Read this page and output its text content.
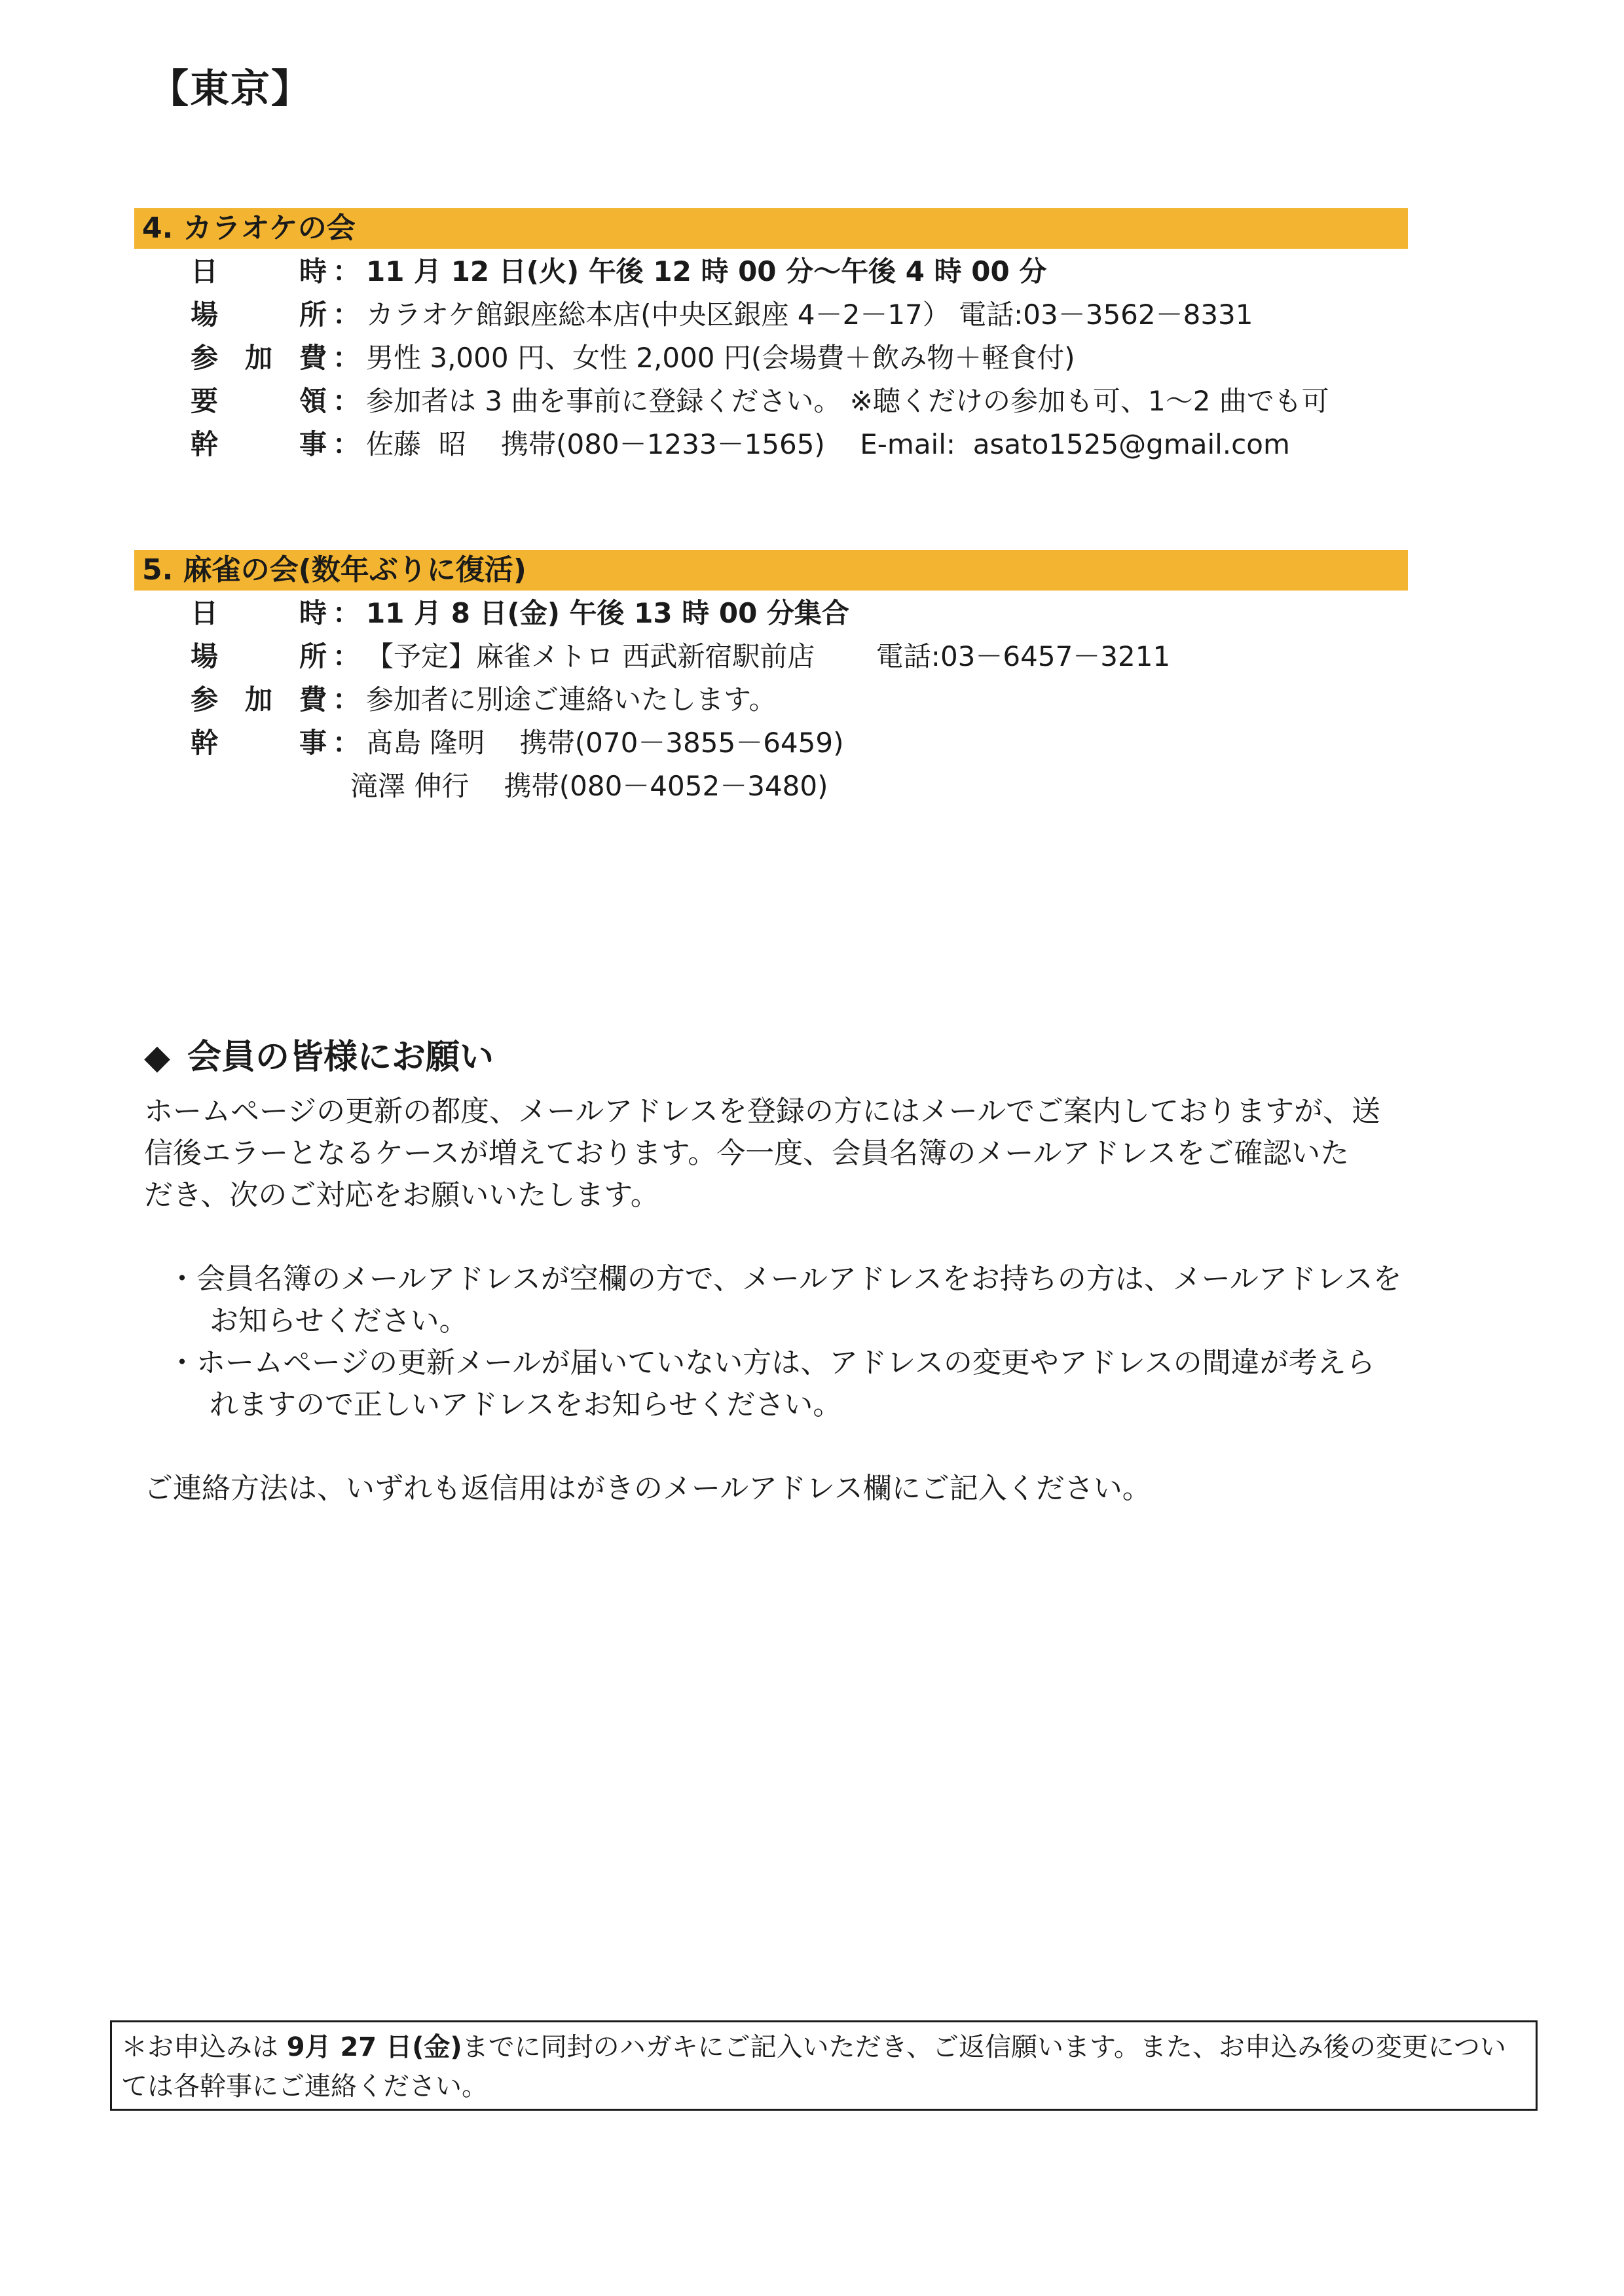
【東京】
4. カラオケの会
日	時 ： 11 月 12 日(火) 午後 12 時 00 分～午後 4 時 00 分
場	所 ： カラオケ館銀座総本店(中央区銀座 4－2－17） 電話:03－3562－8331
参 加 費 ： 男性 3,000 円、女性 2,000 円(会場費＋飲み物＋軽食付)
要	領 ： 参加者は 3 曲を事前に登録ください。 ※聴くだけの参加も可、1～2 曲でも可
幹	事 ： 佐藤  昭    携帯(080－1233－1565)    E-mail:  asato1525@gmail.com
5. 麻雀の会(数年ぶりに復活)
日	時 ： 11 月 8 日(金) 午後 13 時 00 分集合
場	所 ： 【予定】麻雀メトロ 西武新宿駅前店       電話:03－6457－3211
参 加 費 ： 参加者に別途ご連絡いたします。
幹	事 ： 髙島 隆明    携帯(070－3855－6459)
滝澤 伸行    携帯(080－4052－3480)
◆ 会員の皆様にお願い
ホームページの更新の都度、メールアドレスを登録の方にはメールでご案内しておりますが、送
信後エラーとなるケースが増えております。今一度、会員名簿のメールアドレスをご確認いた
だき、次のご対応をお願いいたします。
・会員名簿のメールアドレスが空欄の方で、メールアドレスをお持ちの方は、メールアドレスを
お知らせください。
・ホームページの更新メールが届いていない方は、アドレスの変更やアドレスの間違が考えら
れますので正しいアドレスをお知らせください。
ご連絡方法は、いずれも返信用はがきのメールアドレス欄にご記入ください。
＊お申込みは 9月 27 日(金)までに同封のハガキにご記入いただき、ご返信願います。また、お申込み後の変更につい
ては各幹事にご連絡ください。
